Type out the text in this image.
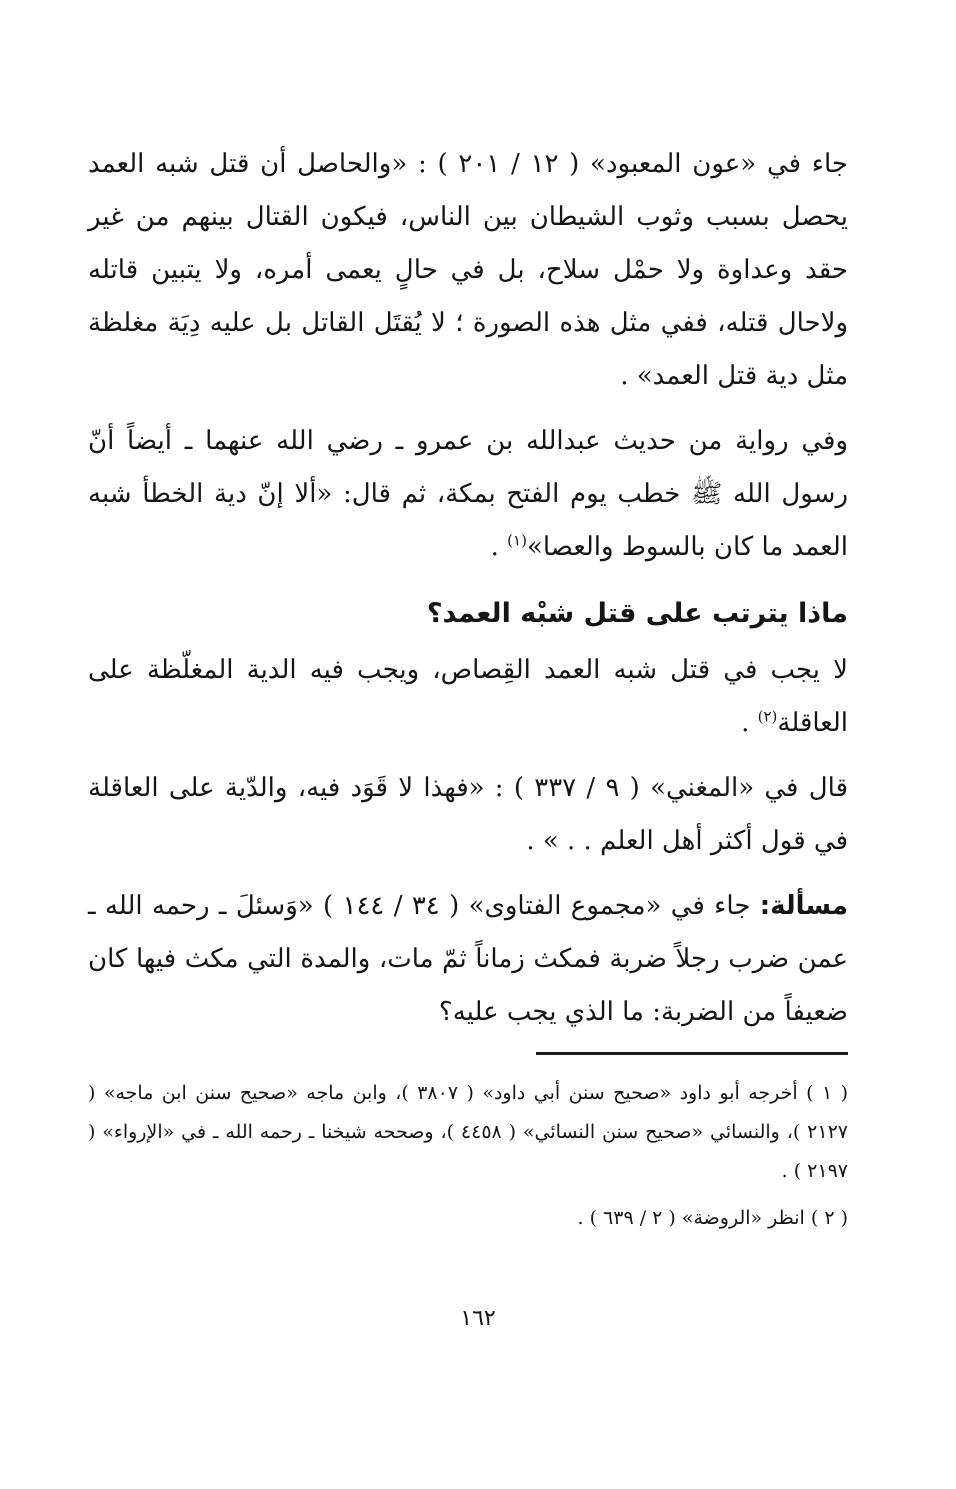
جاء في «عون المعبود» ( ١٢ / ٢٠١ ) : «والحاصل أن قتل شبه العمد يحصل بسبب وثوب الشيطان بين الناس، فيكون القتال بينهم من غير حقد وعداوة ولا حمْل سلاح، بل في حالٍ يعمى أمره، ولا يتبين قاتله ولاحال قتله، ففي مثل هذه الصورة ؛ لا يُقتَل القاتل بل عليه دِيَة مغلظة مثل دية قتل العمد» .

وفي رواية من حديث عبدالله بن عمرو ـ رضي الله عنهما ـ أيضاً أنّ رسول الله ﷺ خطب يوم الفتح بمكة، ثم قال: «ألا إنّ دية الخطأ شبه العمد ما كان بالسوط والعصا»$^{(١)}$ .

ماذا يترتب على قتل شبْه العمد؟

لا يجب في قتل شبه العمد القِصاص، ويجب فيه الدية المغلّظة على العاقلة$^{(٢)}$ .

قال في «المغني» ( ٩ / ٣٣٧ ) : «فهذا لا قَوَد فيه، والدّية على العاقلة في قول أكثر أهل العلم . . » .

مسألة: جاء في «مجموع الفتاوى» ( ٣٤ / ١٤٤ ) «وَسئلَ ـ رحمه الله ـ عمن ضرب رجلاً ضربة فمكث زماناً ثمّ مات، والمدة التي مكث فيها كان ضعيفاً من الضربة: ما الذي يجب عليه؟

( ١ ) أخرجه أبو داود «صحيح سنن أبي داود» ( ٣٨٠٧ )، وابن ماجه «صحيح سنن ابن ماجه» ( ٢١٢٧ )، والنسائي «صحيح سنن النسائي» ( ٤٤٥٨ )، وصححه شيخنا ـ رحمه الله ـ في «الإرواء» ( ٢١٩٧ ) .

( ٢ ) انظر «الروضة» ( ٢ / ٦٣٩ ) .

١٦٢
